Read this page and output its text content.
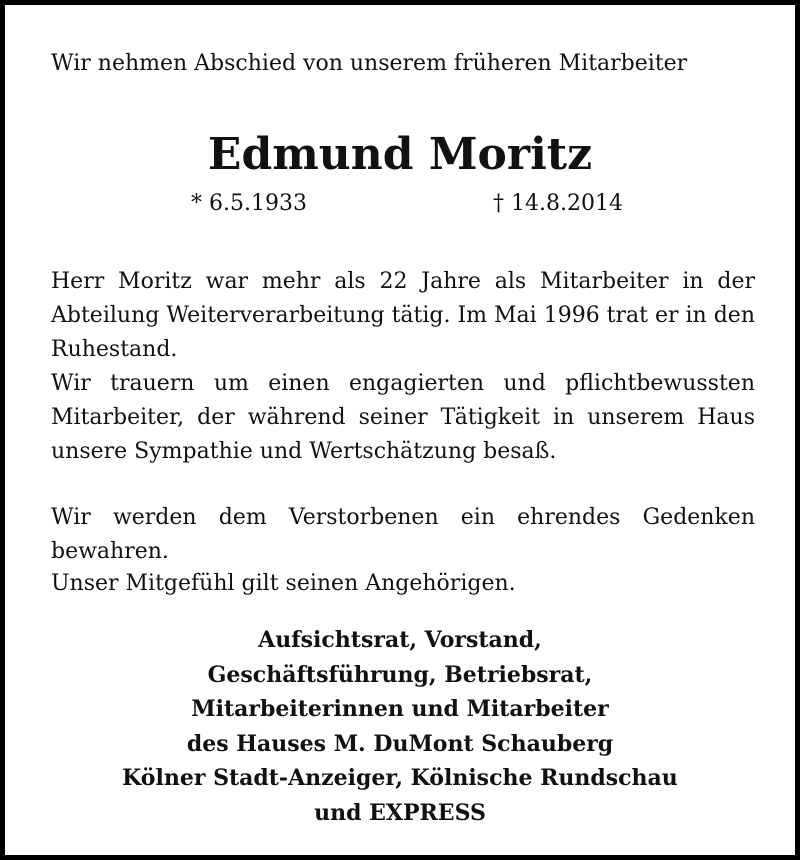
Wir nehmen Abschied von unserem früheren Mitarbeiter
Edmund Moritz
* 6.5.1933	† 14.8.2014
Herr Moritz war mehr als 22 Jahre als Mitarbeiter in der Abteilung Weiterverarbeitung tätig. Im Mai 1996 trat er in den Ruhestand.
Wir trauern um einen engagierten und pflichtbewussten Mitarbeiter, der während seiner Tätigkeit in unserem Haus unsere Sympathie und Wertschätzung besaß.
Wir werden dem Verstorbenen ein ehrendes Gedenken bewahren.
Unser Mitgefühl gilt seinen Angehörigen.
Aufsichtsrat, Vorstand,
Geschäftsführung, Betriebsrat,
Mitarbeiterinnen und Mitarbeiter
des Hauses M. DuMont Schauberg
Kölner Stadt-Anzeiger, Kölnische Rundschau
und EXPRESS
